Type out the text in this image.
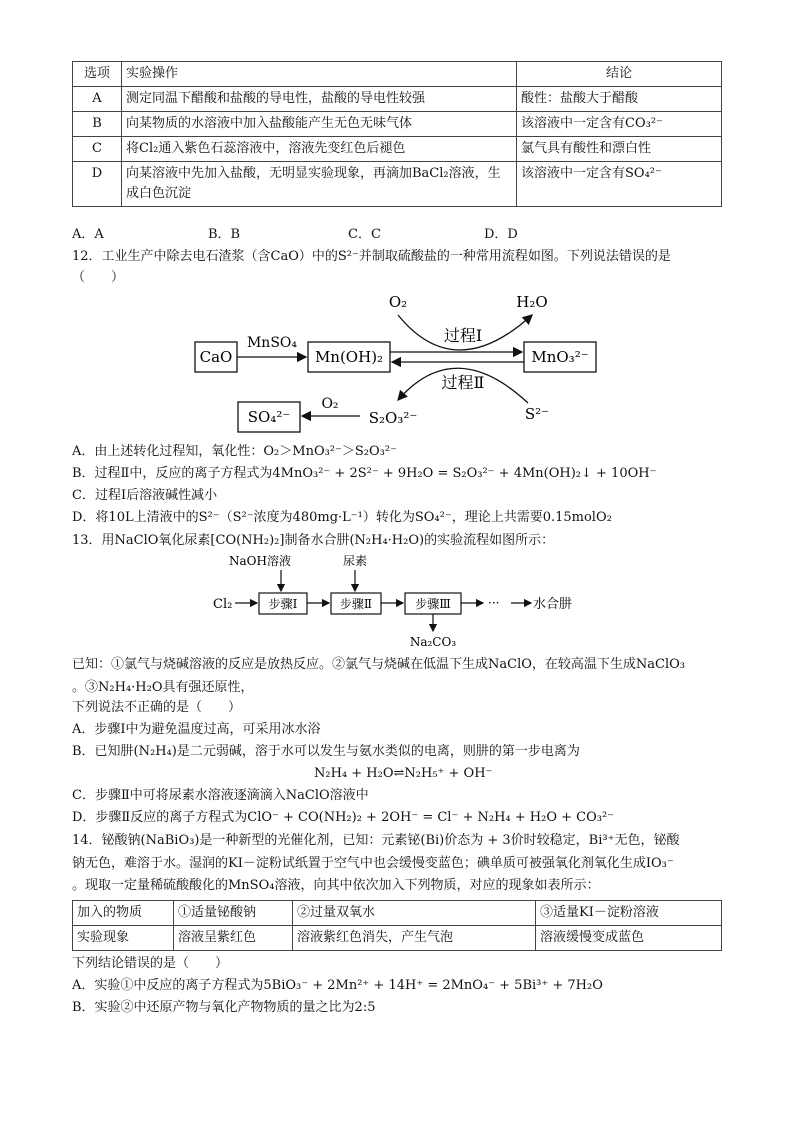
选项	实验操作	结论
A	测定同温下醋酸和盐酸的导电性，盐酸的导电性较强	酸性：盐酸大于醋酸
B	向某物质的水溶液中加入盐酸能产生无色无味气体	该溶液中一定含有CO₃²⁻
C	将Cl₂通入紫色石蕊溶液中，溶液先变红色后褪色	氯气具有酸性和漂白性
D	向某溶液中先加入盐酸，无明显实验现象，再滴加BaCl₂溶液，生成白色沉淀	该溶液中一定含有SO₄²⁻
A．A	B．B	C．C	D．D
12．工业生产中除去电石渣浆（含CaO）中的S²⁻并制取硫酸盐的一种常用流程如图。下列说法错误的是
（　　）
CaO	Mn(OH)₂	MnO₃²⁻
SO₄²⁻
MnSO₄
O₂	H₂O
过程Ⅰ
过程Ⅱ
S₂O₃²⁻	S²⁻
O₂
A．由上述转化过程知，氧化性：O₂＞MnO₃²⁻＞S₂O₃²⁻
B．过程Ⅱ中，反应的离子方程式为4MnO₃²⁻ + 2S²⁻ + 9H₂O = S₂O₃²⁻ + 4Mn(OH)₂↓ + 10OH⁻
C．过程Ⅰ后溶液碱性减小
D．将10L上清液中的S²⁻（S²⁻浓度为480mg·L⁻¹）转化为SO₄²⁻，理论上共需要0.15molO₂
13．用NaClO氧化尿素[CO(NH₂)₂]制备水合肼(N₂H₄·H₂O)的实验流程如图所示：
NaOH溶液	尿素
Cl₂	步骤Ⅰ	步骤Ⅱ	步骤Ⅲ	···	水合肼
Na₂CO₃
已知：①氯气与烧碱溶液的反应是放热反应。②氯气与烧碱在低温下生成NaClO，在较高温下生成NaClO₃
。③N₂H₄·H₂O具有强还原性，
下列说法不正确的是（　　）
A．步骤Ⅰ中为避免温度过高，可采用冰水浴
B．已知肼(N₂H₄)是二元弱碱，溶于水可以发生与氨水类似的电离，则肼的第一步电离为
N₂H₄ + H₂O⇌N₂H₅⁺ + OH⁻
C．步骤Ⅱ中可将尿素水溶液逐滴滴入NaClO溶液中
D．步骤Ⅱ反应的离子方程式为ClO⁻ + CO(NH₂)₂ + 2OH⁻ = Cl⁻ + N₂H₄ + H₂O + CO₃²⁻
14．铋酸钠(NaBiO₃)是一种新型的光催化剂，已知：元素铋(Bi)价态为 + 3价时较稳定，Bi³⁺无色，铋酸
钠无色，难溶于水。湿润的KI－淀粉试纸置于空气中也会缓慢变蓝色；碘单质可被强氧化剂氧化生成IO₃⁻
。现取一定量稀硫酸酸化的MnSO₄溶液，向其中依次加入下列物质，对应的现象如表所示：
加入的物质	①适量铋酸钠	②过量双氧水	③适量KI－淀粉溶液
实验现象	溶液呈紫红色	溶液紫红色消失，产生气泡	溶液缓慢变成蓝色
下列结论错误的是（　　）
A．实验①中反应的离子方程式为5BiO₃⁻ + 2Mn²⁺ + 14H⁺ = 2MnO₄⁻ + 5Bi³⁺ + 7H₂O
B．实验②中还原产物与氧化产物物质的量之比为2:5
